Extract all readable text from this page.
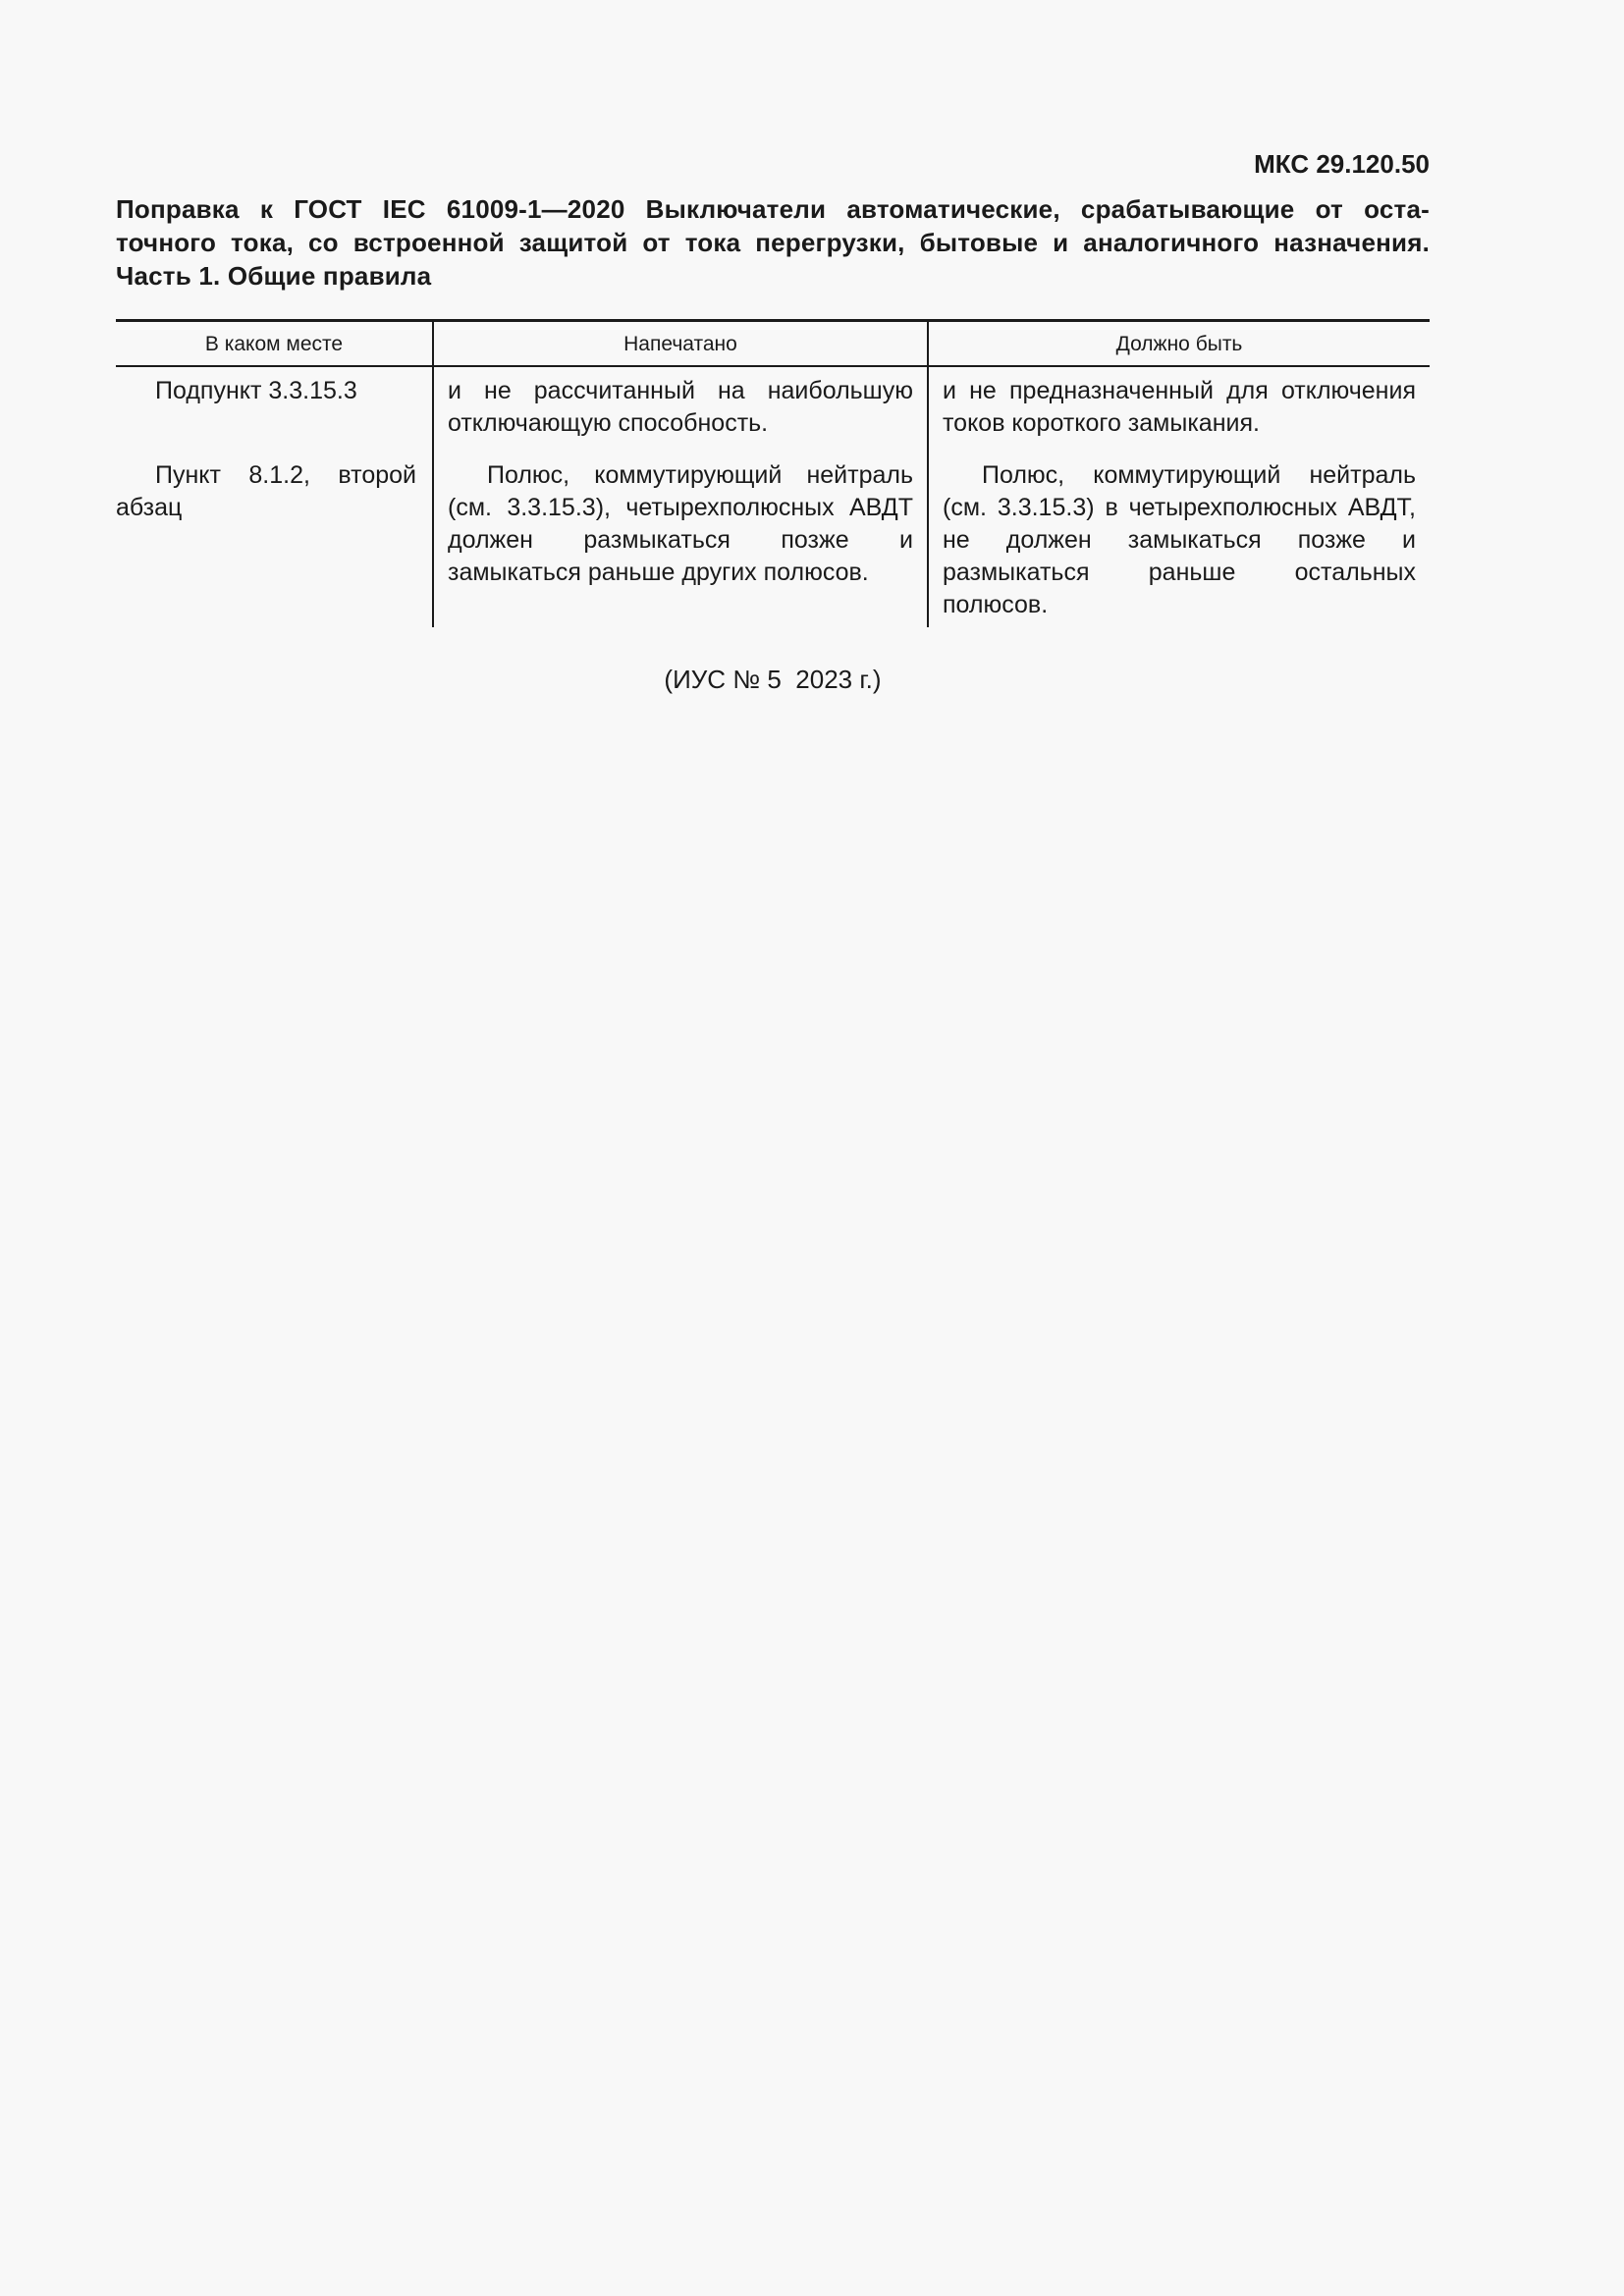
МКС 29.120.50
Поправка к ГОСТ IEC 61009-1—2020 Выключатели автоматические, срабатывающие от оста-
точного тока, со встроенной защитой от тока перегрузки, бытовые и аналогичного назначения.
Часть 1. Общие правила
В каком месте	Напечатано	Должно быть
Подпункт 3.3.15.3	и не рассчитанный на наибольшую отключающую способность.	и не предназначенный для отключения токов короткого замыкания.
Пункт 8.1.2, второй абзац	Полюс, коммутирующий нейтраль (см. 3.3.15.3), четырехполюсных АВДТ должен размыкаться позже и замыкаться раньше других полюсов.	Полюс, коммутирующий нейтраль (см. 3.3.15.3) в четырехполюсных АВДТ, не должен замыкаться позже и размыкаться раньше остальных полюсов.
(ИУС № 5  2023 г.)
